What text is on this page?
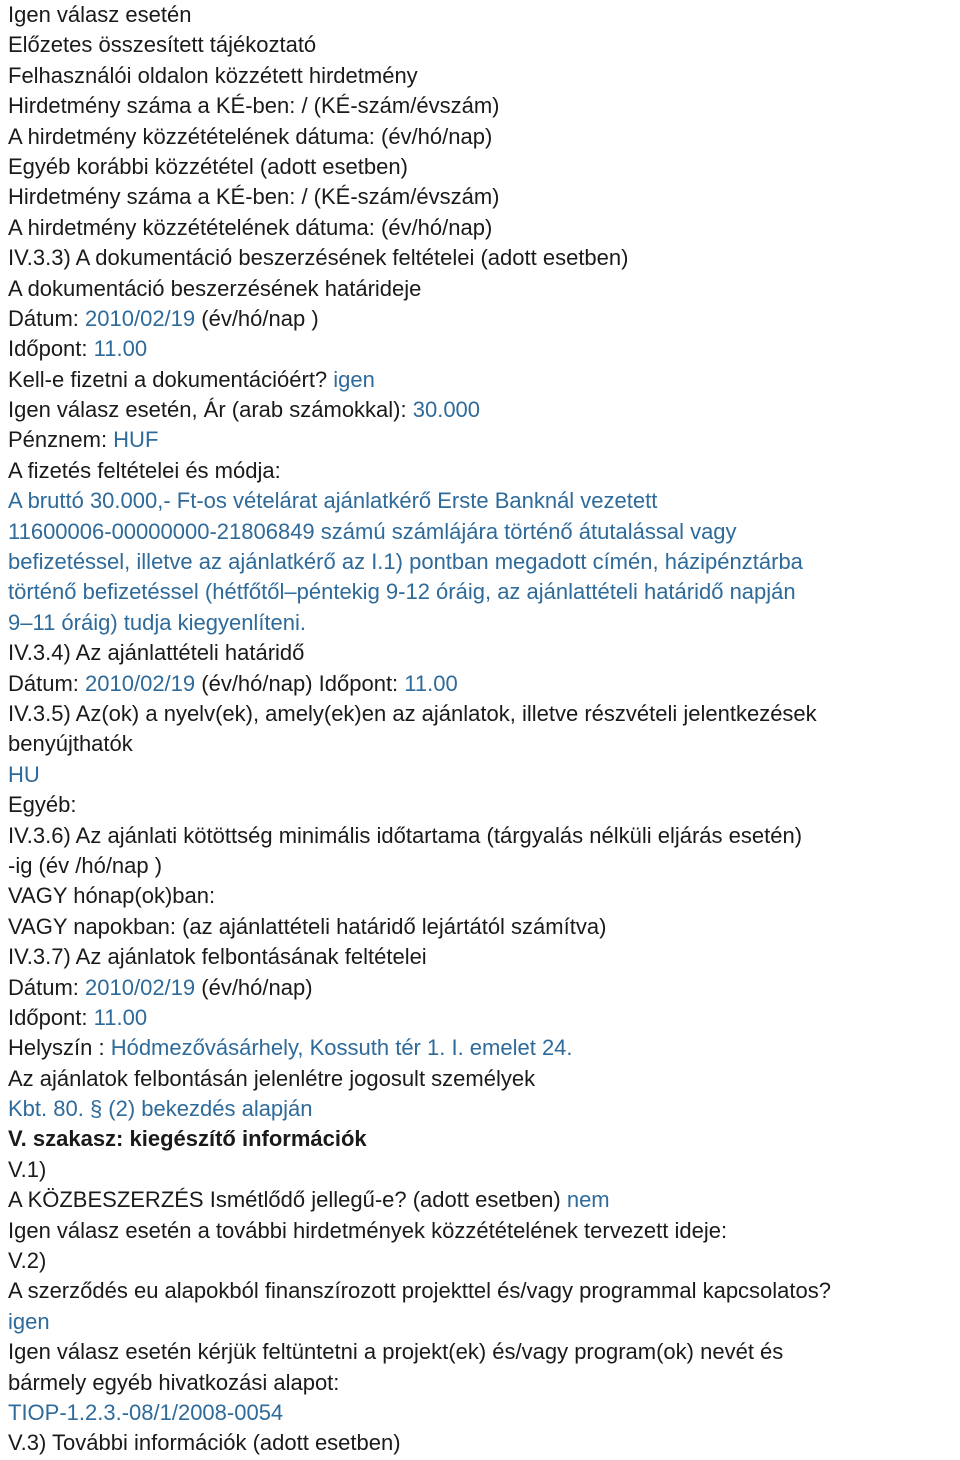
Igen válasz esetén
Előzetes összesített tájékoztató
Felhasználói oldalon közzétett hirdetmény
Hirdetmény száma a KÉ-ben: / (KÉ-szám/évszám)
A hirdetmény közzétételének dátuma: (év/hó/nap)
Egyéb korábbi közzététel (adott esetben)
Hirdetmény száma a KÉ-ben: / (KÉ-szám/évszám)
A hirdetmény közzétételének dátuma: (év/hó/nap)
IV.3.3) A dokumentáció beszerzésének feltételei (adott esetben)
A dokumentáció beszerzésének határideje
Dátum: 2010/02/19 (év/hó/nap )
Időpont: 11.00
Kell-e fizetni a dokumentációért? igen
Igen válasz esetén, Ár (arab számokkal): 30.000
Pénznem: HUF
A fizetés feltételei és módja:
A bruttó 30.000,- Ft-os vételárat ajánlatkérő Erste Banknál vezetett
11600006-00000000-21806849 számú számlájára történő átutalással vagy
befizetéssel, illetve az ajánlatkérő az I.1) pontban megadott címén, házipénztárba
történő befizetéssel (hétfőtől–péntekig 9-12 óráig, az ajánlattételi határidő napján
9–11 óráig) tudja kiegyenlíteni.
IV.3.4) Az ajánlattételi határidő
Dátum: 2010/02/19 (év/hó/nap) Időpont: 11.00
IV.3.5) Az(ok) a nyelv(ek), amely(ek)en az ajánlatok, illetve részvételi jelentkezések
benyújthatók
HU
Egyéb:
IV.3.6) Az ajánlati kötöttség minimális időtartama (tárgyalás nélküli eljárás esetén)
-ig (év /hó/nap )
VAGY hónap(ok)ban:
VAGY napokban: (az ajánlattételi határidő lejártától számítva)
IV.3.7) Az ajánlatok felbontásának feltételei
Dátum: 2010/02/19 (év/hó/nap)
Időpont: 11.00
Helyszín : Hódmezővásárhely, Kossuth tér 1. I. emelet 24.
Az ajánlatok felbontásán jelenlétre jogosult személyek
Kbt. 80. § (2) bekezdés alapján
V. szakasz: kiegészítő információk
V.1)
A KÖZBESZERZÉS Ismétlődő jellegű-e? (adott esetben) nem
Igen válasz esetén a további hirdetmények közzétételének tervezett ideje:
V.2)
A szerződés eu alapokból finanszírozott projekttel és/vagy programmal kapcsolatos?
igen
Igen válasz esetén kérjük feltüntetni a projekt(ek) és/vagy program(ok) nevét és
bármely egyéb hivatkozási alapot:
TIOP-1.2.3.-08/1/2008-0054
V.3) További információk (adott esetben)
